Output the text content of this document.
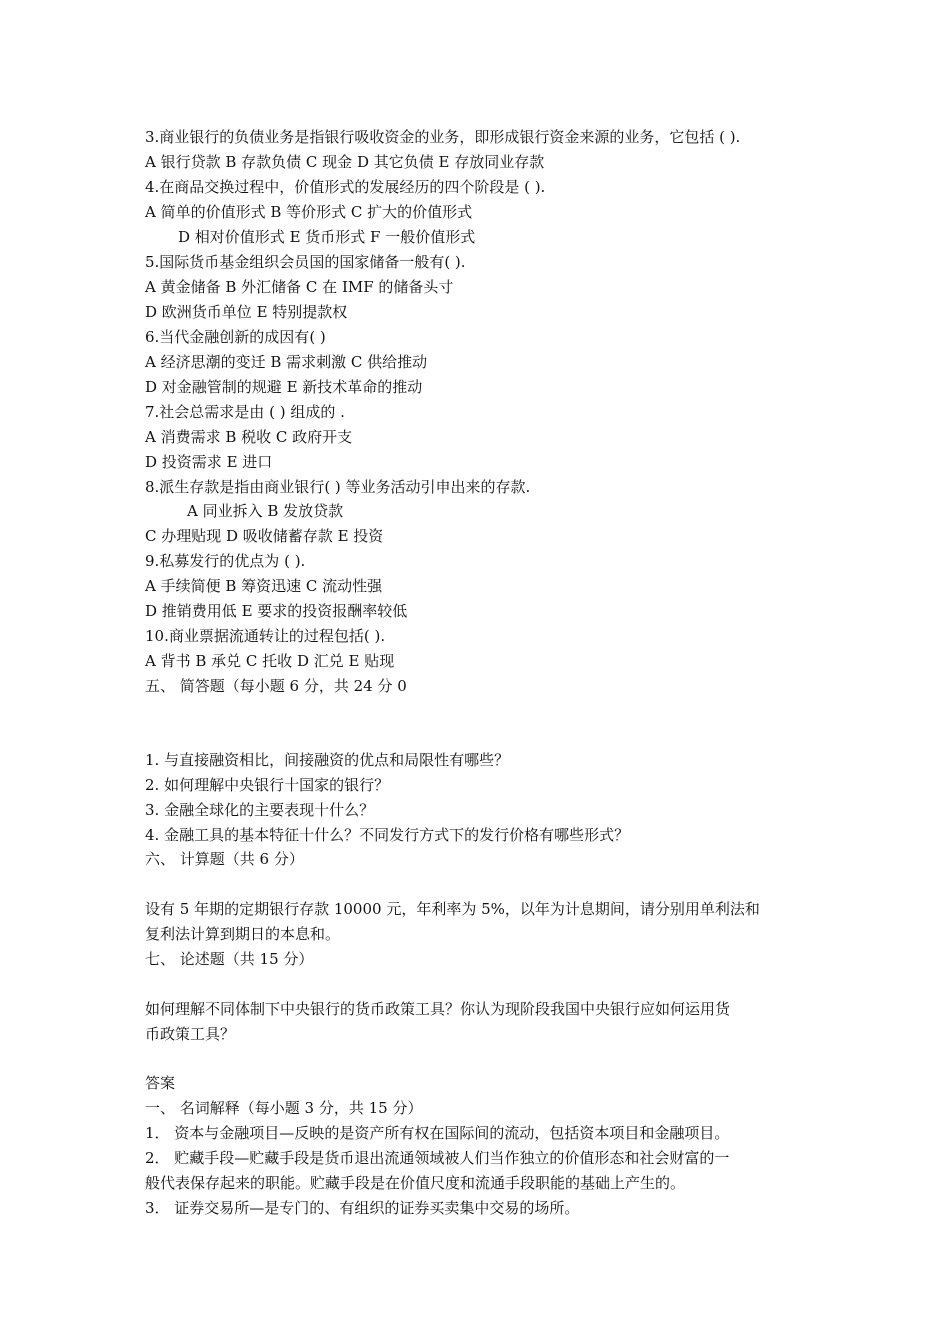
3.商业银行的负债业务是指银行吸收资金的业务，即形成银行资金来源的业务，它包括 ( ).

A 银行贷款 B 存款负债 C 现金 D 其它负债 E 存放同业存款

4.在商品交换过程中，价值形式的发展经历的四个阶段是 ( ).

A 简单的价值形式 B 等价形式 C 扩大的价值形式

D 相对价值形式 E 货币形式 F 一般价值形式

5.国际货币基金组织会员国的国家储备一般有( ).

A 黄金储备 B 外汇储备 C 在 IMF 的储备头寸

D 欧洲货币单位 E 特别提款权

6.当代金融创新的成因有( )

A 经济思潮的变迁 B 需求刺激 C 供给推动

D 对金融管制的规避 E 新技术革命的推动

7.社会总需求是由 ( ) 组成的 .

A 消费需求 B 税收 C 政府开支

D 投资需求 E 进口

8.派生存款是指由商业银行( ) 等业务活动引申出来的存款.

A 同业拆入 B 发放贷款

C 办理贴现 D 吸收储蓄存款 E 投资

9.私募发行的优点为 ( ).

A 手续简便 B 筹资迅速 C 流动性强

D 推销费用低 E 要求的投资报酬率较低

10.商业票据流通转让的过程包括( ).

A 背书 B 承兑 C 托收 D 汇兑 E 贴现

五、 简答题（每小题 6 分，共 24 分 0

1. 与直接融资相比，间接融资的优点和局限性有哪些？

2. 如何理解中央银行十国家的银行？

3. 金融全球化的主要表现十什么？

4. 金融工具的基本特征十什么？不同发行方式下的发行价格有哪些形式？

六、 计算题（共 6 分）

设有 5 年期的定期银行存款 10000 元，年利率为 5%，以年为计息期间，请分别用单利法和

复利法计算到期日的本息和。

七、 论述题（共 15 分）

如何理解不同体制下中央银行的货币政策工具？你认为现阶段我国中央银行应如何运用货

币政策工具？

答案

一、 名词解释（每小题 3 分，共 15 分）

1． 资本与金融项目—反映的是资产所有权在国际间的流动，包括资本项目和金融项目。

2． 贮藏手段—贮藏手段是货币退出流通领域被人们当作独立的价值形态和社会财富的一

般代表保存起来的职能。贮藏手段是在价值尺度和流通手段职能的基础上产生的。

3． 证券交易所—是专门的、有组织的证券买卖集中交易的场所。
